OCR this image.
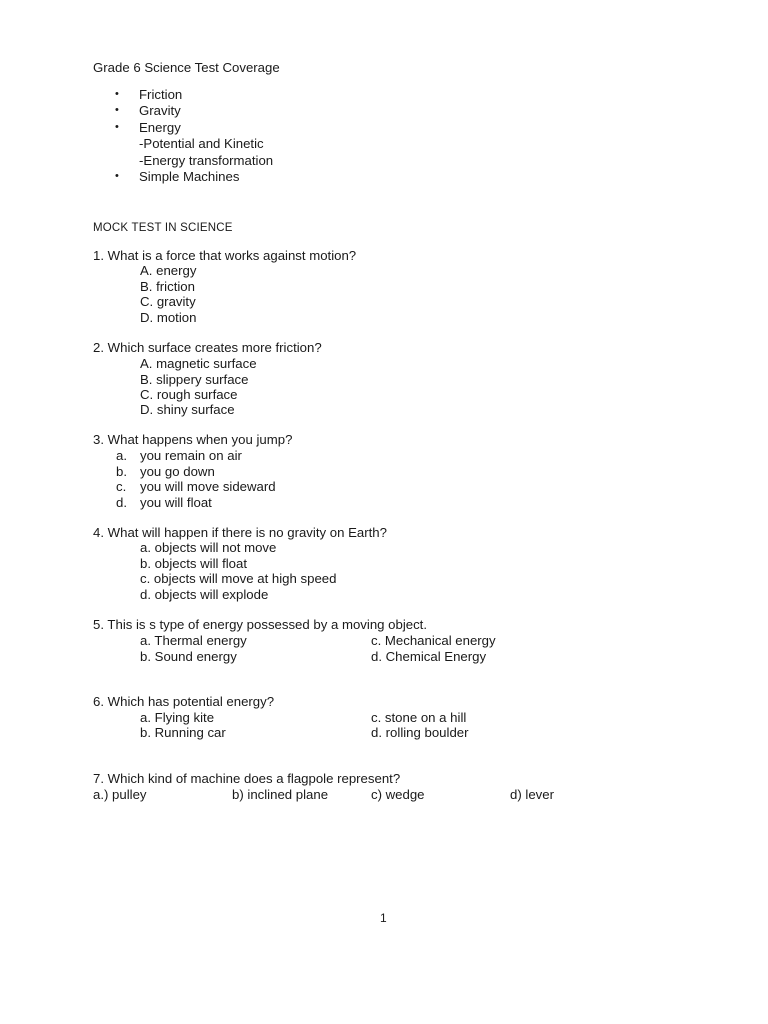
Grade 6 Science Test Coverage
• Friction
• Gravity
• Energy
-Potential and Kinetic
-Energy transformation
• Simple Machines
MOCK TEST IN SCIENCE
1. What is a force that works against motion?
A. energy
B. friction
C. gravity
D. motion
2. Which surface creates more friction?
A. magnetic surface
B. slippery surface
C. rough surface
D. shiny surface
3. What happens when you jump?
a. you remain on air
b. you go down
c. you will move sideward
d. you will float
4. What will happen if there is no gravity on Earth?
a. objects will not move
b. objects will float
c. objects will move at high speed
d. objects will explode
5. This is s type of energy possessed by a moving object.
a. Thermal energy
b. Sound energy
c. Mechanical energy
d. Chemical Energy
6. Which has potential energy?
a. Flying kite
b. Running car
c. stone on a hill
d. rolling boulder
7. Which kind of machine does a flagpole represent?
a.) pulley	b) inclined plane	c) wedge	d) lever
1
